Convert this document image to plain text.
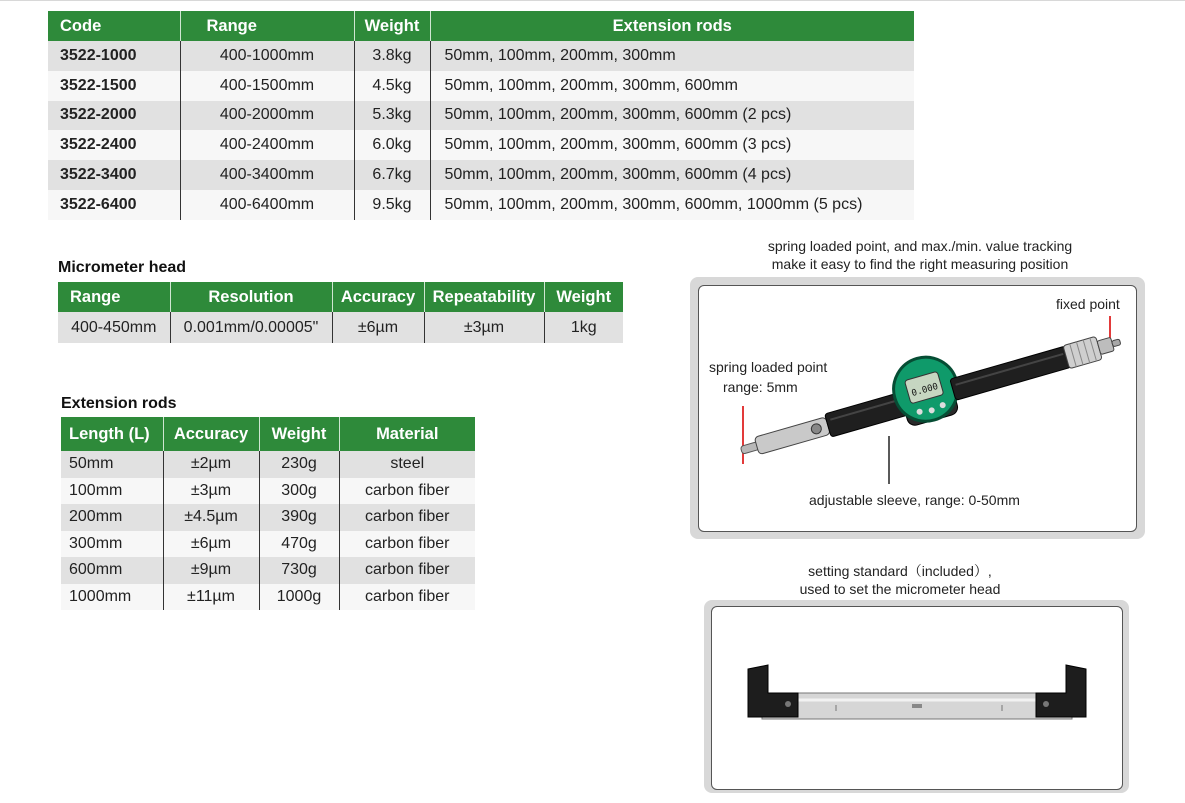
Code	Range	Weight	Extension rods
3522-1000	400-1000mm	3.8kg	50mm, 100mm, 200mm, 300mm
3522-1500	400-1500mm	4.5kg	50mm, 100mm, 200mm, 300mm, 600mm
3522-2000	400-2000mm	5.3kg	50mm, 100mm, 200mm, 300mm, 600mm (2 pcs)
3522-2400	400-2400mm	6.0kg	50mm, 100mm, 200mm, 300mm, 600mm (3 pcs)
3522-3400	400-3400mm	6.7kg	50mm, 100mm, 200mm, 300mm, 600mm (4 pcs)
3522-6400	400-6400mm	9.5kg	50mm, 100mm, 200mm, 300mm, 600mm, 1000mm (5 pcs)
Micrometer head
Range	Resolution	Accuracy	Repeatability	Weight
400-450mm	0.001mm/0.00005"	±6µm	±3µm	1kg
Extension rods
Length (L)	Accuracy	Weight	Material
50mm	±2µm	230g	steel
100mm	±3µm	300g	carbon fiber
200mm	±4.5µm	390g	carbon fiber
300mm	±6µm	470g	carbon fiber
600mm	±9µm	730g	carbon fiber
1000mm	±11µm	1000g	carbon fiber
spring loaded point, and max./min. value tracking
make it easy to find the right measuring position
fixed point
spring loaded point
range: 5mm
adjustable sleeve, range: 0-50mm
0.000
setting standard（included）,
used to set the micrometer head
